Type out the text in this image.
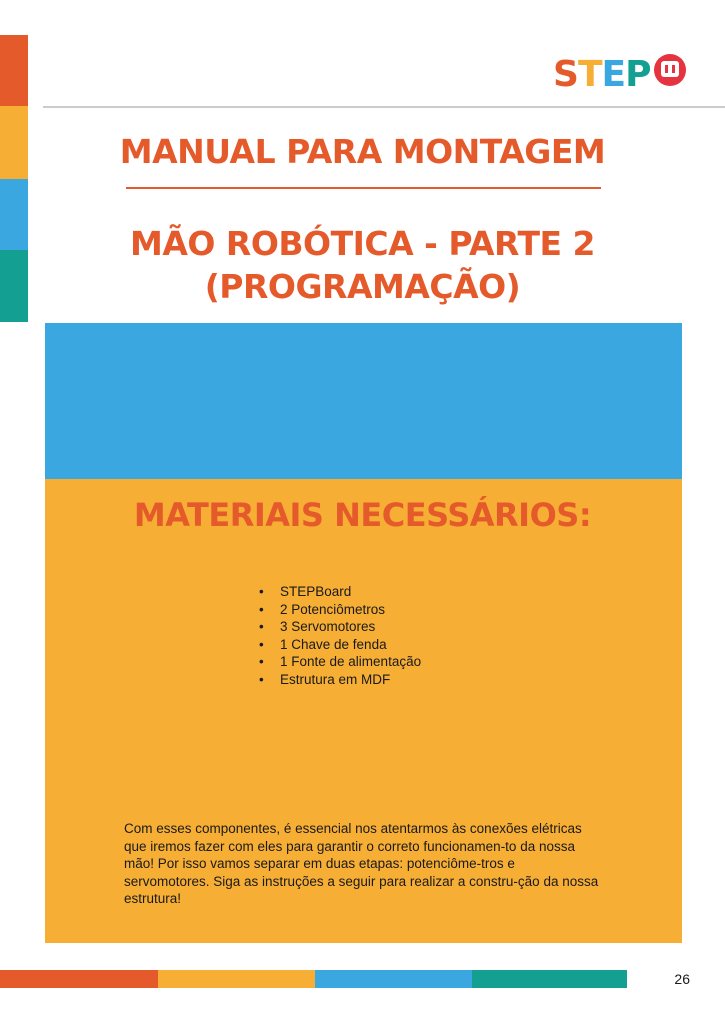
STEP
MANUAL PARA MONTAGEM
MÃO ROBÓTICA - PARTE 2
(PROGRAMAÇÃO)
MATERIAIS NECESSÁRIOS:
• STEPBoard
• 2 Potenciômetros
• 3 Servomotores
• 1 Chave de fenda
• 1 Fonte de alimentação
• Estrutura em MDF

Com esses componentes, é essencial nos atentarmos às conexões elétricas que iremos fazer com eles para garantir o correto funcionamen-to da nossa mão! Por isso vamos separar em duas etapas: potenciôme-tros e servomotores. Siga as instruções a seguir para realizar a constru-ção da nossa estrutura!

26
